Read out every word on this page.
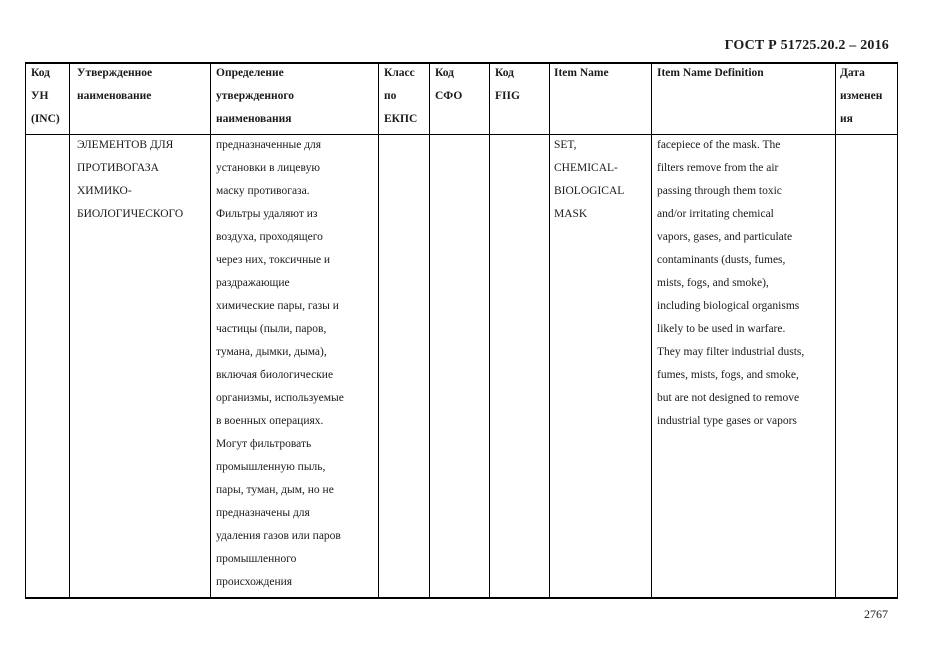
ГОСТ Р 51725.20.2 – 2016
Код
УН
(INC)
Утвержденное
наименование
Определение
утвержденного
наименования
Класс
по
ЕКПС
Код
СФО
Код
FIIG
Item Name	Item Name Definition	Дата
изменен
ия
ЭЛЕМЕНТОВ ДЛЯ
ПРОТИВОГАЗА
ХИМИКО-
БИОЛОГИЧЕСКОГО
предназначенные для
установки в лицевую
маску противогаза.
Фильтры удаляют из
воздуха, проходящего
через них, токсичные и
раздражающие
химические пары, газы и
частицы (пыли, паров,
тумана, дымки, дыма),
включая биологические
организмы, используемые
в военных операциях.
Могут фильтровать
промышленную пыль,
пары, туман, дым, но не
предназначены для
удаления газов или паров
промышленного
происхождения
SET,
CHEMICAL-
BIOLOGICAL
MASK
facepiece of the mask. The
filters remove from the air
passing through them toxic
and/or irritating chemical
vapors, gases, and particulate
contaminants (dusts, fumes,
mists, fogs, and smoke),
including biological organisms
likely to be used in warfare.
They may filter industrial dusts,
fumes, mists, fogs, and smoke,
but are not designed to remove
industrial type gases or vapors
2767
